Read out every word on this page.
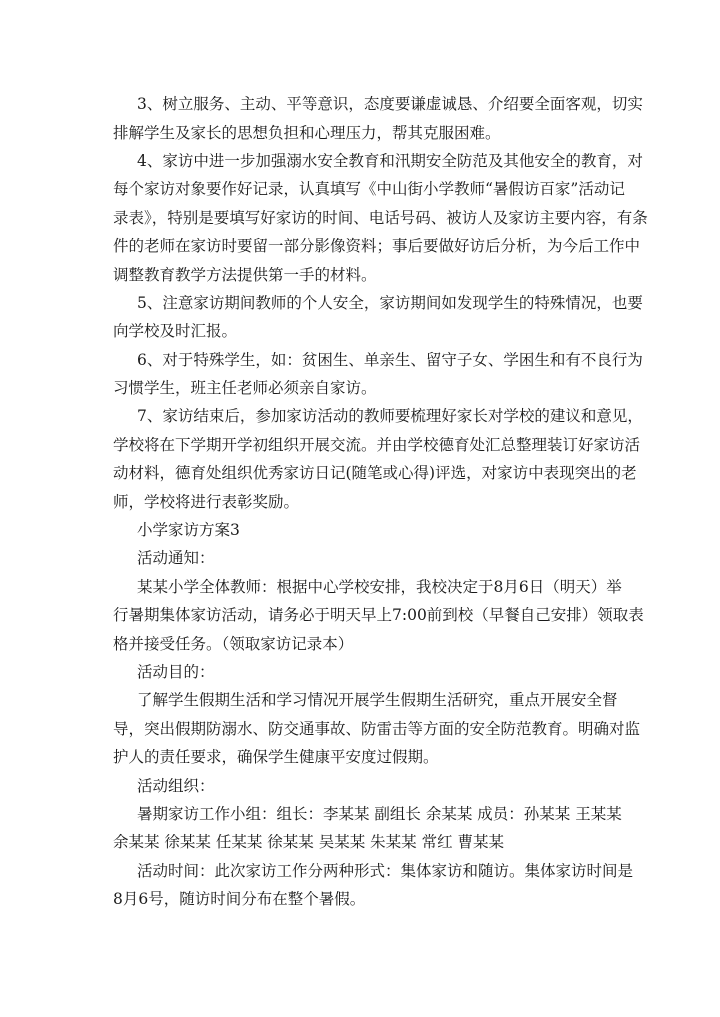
3、树立服务、主动、平等意识，态度要谦虚诚恳、介绍要全面客观，切实
排解学生及家长的思想负担和心理压力，帮其克服困难。
4、家访中进一步加强溺水安全教育和汛期安全防范及其他安全的教育，对
每个家访对象要作好记录，认真填写《中山街小学教师“暑假访百家”活动记
录表》，特别是要填写好家访的时间、电话号码、被访人及家访主要内容，有条
件的老师在家访时要留一部分影像资料；事后要做好访后分析，为今后工作中
调整教育教学方法提供第一手的材料。
5、注意家访期间教师的个人安全，家访期间如发现学生的特殊情况，也要
向学校及时汇报。
6、对于特殊学生，如：贫困生、单亲生、留守子女、学困生和有不良行为
习惯学生，班主任老师必须亲自家访。
7、家访结束后，参加家访活动的教师要梳理好家长对学校的建议和意见，
学校将在下学期开学初组织开展交流。并由学校德育处汇总整理装订好家访活
动材料，德育处组织优秀家访日记(随笔或心得)评选，对家访中表现突出的老
师，学校将进行表彰奖励。
小学家访方案3
活动通知：
某某小学全体教师：根据中心学校安排，我校决定于8月6日（明天）举
行暑期集体家访活动，请务必于明天早上7:00前到校（早餐自己安排）领取表
格并接受任务。（领取家访记录本）
活动目的：
了解学生假期生活和学习情况开展学生假期生活研究，重点开展安全督
导，突出假期防溺水、防交通事故、防雷击等方面的安全防范教育。明确对监
护人的责任要求，确保学生健康平安度过假期。
活动组织：
暑期家访工作小组：组长：李某某 副组长 余某某 成员：孙某某 王某某
余某某 徐某某 任某某 徐某某 吴某某 朱某某 常红 曹某某
活动时间：此次家访工作分两种形式：集体家访和随访。集体家访时间是
8月6号，随访时间分布在整个暑假。
